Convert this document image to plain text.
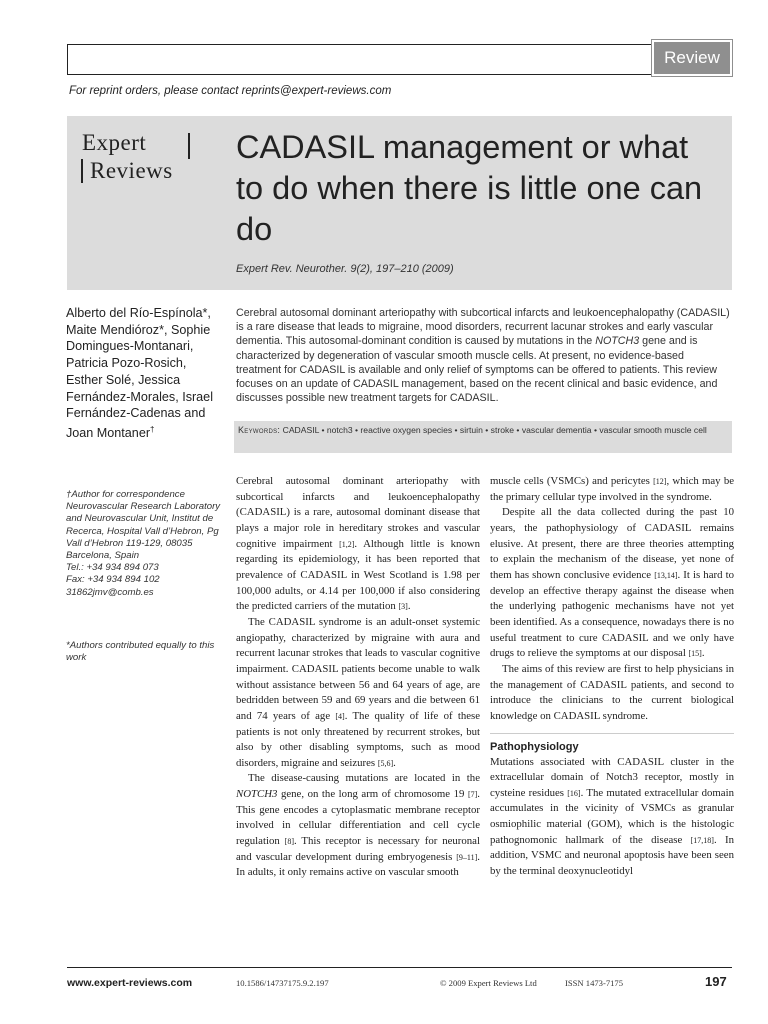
Review
For reprint orders, please contact reprints@expert-reviews.com
Expert
Reviews
CADASIL management or what to do when there is little one can do
Expert Rev. Neurother. 9(2), 197–210 (2009)
Alberto del Río-Espínola*, Maite Mendióroz*, Sophie Domingues-Montanari, Patricia Pozo-Rosich, Esther Solé, Jessica Fernández-Morales, Israel Fernández-Cadenas and Joan Montaner†
†Author for correspondence Neurovascular Research Laboratory and Neurovascular Unit, Institut de Recerca, Hospital Vall d’Hebron, Pg Vall d’Hebron 119-129, 08035 Barcelona, Spain
Tel.: +34 934 894 073
Fax: +34 934 894 102
31862jmv@comb.es
*Authors contributed equally to this work
Cerebral autosomal dominant arteriopathy with subcortical infarcts and leukoencephalopathy (CADASIL) is a rare disease that leads to migraine, mood disorders, recurrent lacunar strokes and early vascular dementia. This autosomal-dominant condition is caused by mutations in the NOTCH3 gene and is characterized by degeneration of vascular smooth muscle cells. At present, no evidence-based treatment for CADASIL is available and only relief of symptoms can be offered to patients. This review focuses on an update of CADASIL management, based on the recent clinical and basic evidence, and discusses possible new treatment targets for CADASIL.
Keywords: CADASIL • notch3 • reactive oxygen species • sirtuin • stroke • vascular dementia • vascular smooth muscle cell

Cerebral autosomal dominant arteriopathy with subcortical infarcts and leukoencephalopathy (CADASIL) is a rare, autosomal dominant disease that plays a major role in hereditary strokes and vascular cognitive impairment [1,2]. Although little is known regarding its epidemiology, it has been reported that prevalence of CADASIL in West Scotland is 1.98 per 100,000 adults, or 4.14 per 100,000 if also considering the predicted carriers of the mutation [3].

The CADASIL syndrome is an adult-onset systemic angiopathy, characterized by migraine with aura and recurrent lacunar strokes that leads to vascular cognitive impairment. CADASIL patients become unable to walk without assistance between 56 and 64 years of age, are bedridden between 59 and 69 years and die between 61 and 74 years of age [4]. The quality of life of these patients is not only threatened by recurrent strokes, but also by other disabling symptoms, such as mood disorders, migraine and seizures [5,6].

The disease-causing mutations are located in the NOTCH3 gene, on the long arm of chromosome 19 [7]. This gene encodes a cytoplasmatic membrane receptor involved in cellular differentiation and cell cycle regulation [8]. This receptor is necessary for neuronal and vascular development during embryogenesis [9–11]. In adults, it only remains active on vascular smooth

muscle cells (VSMCs) and pericytes [12], which may be the primary cellular type involved in the syndrome.

Despite all the data collected during the past 10 years, the pathophysiology of CADASIL remains elusive. At present, there are three theories attempting to explain the mechanism of the disease, yet none of them has shown conclusive evidence [13,14]. It is hard to develop an effective therapy against the disease when the underlying pathogenic mechanisms have not yet been identified. As a consequence, nowadays there is no useful treatment to cure CADASIL and we only have drugs to relieve the symptoms at our disposal [15].

The aims of this review are first to help physicians in the management of CADASIL patients, and second to introduce the clinicians to the current biological knowledge on CADASIL syndrome.

Pathophysiology

Mutations associated with CADASIL cluster in the extracellular domain of Notch3 receptor, mostly in cysteine residues [16]. The mutated extracellular domain accumulates in the vicinity of VSMCs as granular osmiophilic material (GOM), which is the histologic pathognomonic hallmark of the disease [17,18]. In addition, VSMC and neuronal apoptosis have been seen by the terminal deoxynucleotidyl

www.expert-reviews.com	10.1586/14737175.9.2.197	© 2009 Expert Reviews Ltd	ISSN 1473-7175	197
